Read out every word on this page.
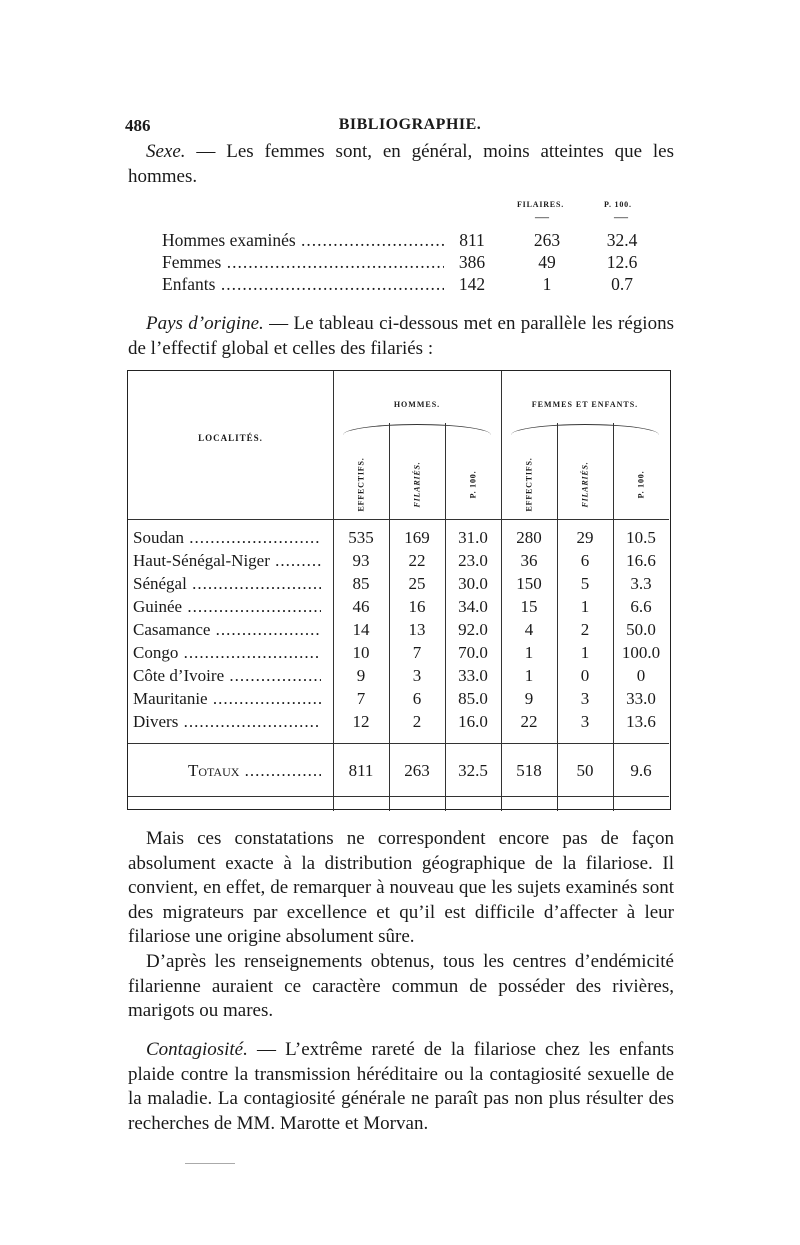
486	BIBLIOGRAPHIE.

Sexe. — Les femmes sont, en général, moins atteintes que les hommes.

FILAIRES.	P. 100.
—	—
Hommes examinés .....	811	263	32.4
Femmes .....	386	49	12.6
Enfants .....	142	1	0.7

Pays d’origine. — Le tableau ci-dessous met en parallèle les régions de l’effectif global et celles des filariés :

LOCALITÉS.
HOMMES.	FEMMES ET ENFANTS.
EFFECTIFS.	FILARIÉS.	P. 100.	EFFECTIFS.	FILARIÉS.	P. 100.
Soudan .....	535	169	31.0	280	29	10.5
Haut-Sénégal-Niger .....	93	22	23.0	36	6	16.6
Sénégal .....	85	25	30.0	150	5	3.3
Guinée .....	46	16	34.0	15	1	6.6
Casamance .....	14	13	92.0	4	2	50.0
Congo .....	10	7	70.0	1	1	100.0
Côte d’Ivoire .....	9	3	33.0	1	0	0
Mauritanie .....	7	6	85.0	9	3	33.0
Divers .....	12	2	16.0	22	3	13.6
Totaux .....	811	263	32.5	518	50	9.6

Mais ces constatations ne correspondent encore pas de façon absolument exacte à la distribution géographique de la filariose. Il convient, en effet, de remarquer à nouveau que les sujets examinés sont des migrateurs par excellence et qu’il est difficile d’affecter à leur filariose une origine absolument sûre.

D’après les renseignements obtenus, tous les centres d’endémicité filarienne auraient ce caractère commun de posséder des rivières, marigots ou mares.

Contagiosité. — L’extrême rareté de la filariose chez les enfants plaide contre la transmission héréditaire ou la contagiosité sexuelle de la maladie. La contagiosité générale ne paraît pas non plus résulter des recherches de MM. Marotte et Morvan.
